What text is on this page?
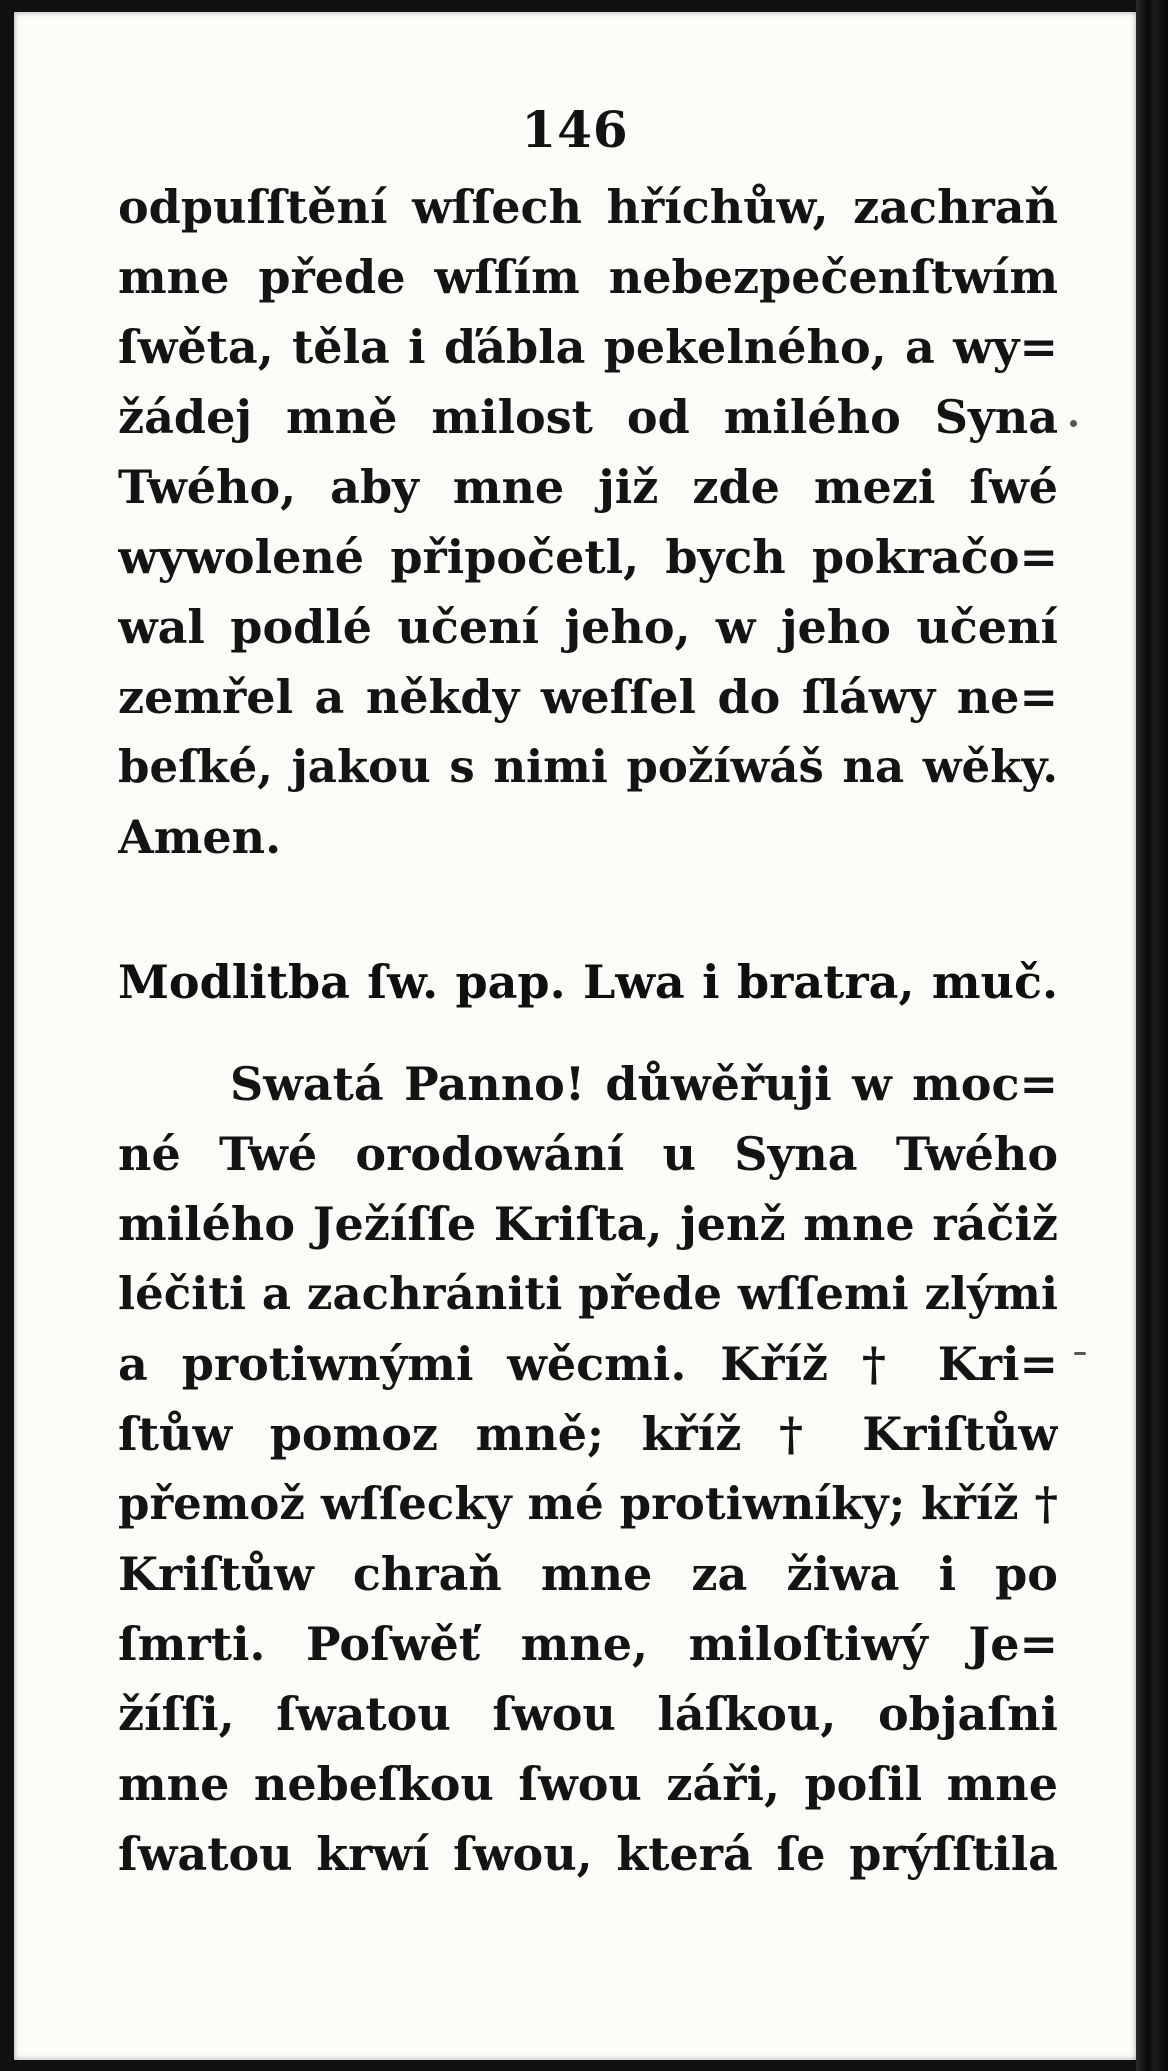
146
odpuſſtění wſſech hříchůw, zachraň
mne přede wſſím nebezpečenſtwím
ſwěta, těla i ďábla pekelného, a wy=
žádej mně milost od milého Syna
Twého, aby mne již zde mezi ſwé
wywolené připočetl, bych pokračo=
wal podlé učení jeho, w jeho učení
zemřel a někdy weſſel do ſláwy ne=
beſké, jakou s nimi požíwáš na wěky.
Amen.
Modlitba ſw. pap. Lwa i bratra, muč.
Swatá Panno! důwěřuji w moc=
né Twé orodowání u Syna Twého
milého Ježíſſe Kriſta, jenž mne ráčiž
léčiti a zachrániti přede wſſemi zlými
a protiwnými wěcmi. Kříž † Kri=
ſtůw pomoz mně; kříž † Kriſtůw
přemož wſſecky mé protiwníky; kříž †
Kriſtůw chraň mne za žiwa i po
ſmrti. Poſwěť mne, miloſtiwý Je=
žíſſi, ſwatou ſwou láſkou, objaſni
mne nebeſkou ſwou záři, poſil mne
ſwatou krwí ſwou, která ſe prýſſtila
